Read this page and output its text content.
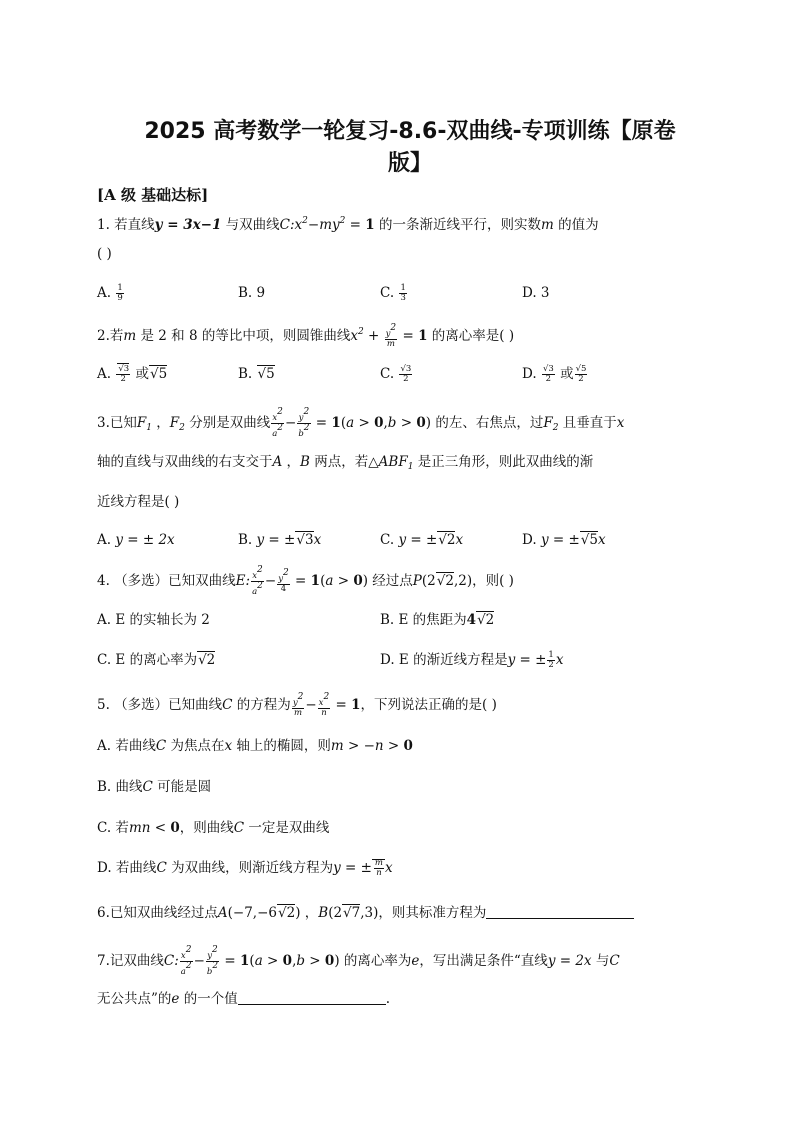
2025 高考数学一轮复习-8.6-双曲线-专项训练【原卷版】
[A 级 基础达标]
1. 若直线y = 3x−1 与双曲线$C:x^2-my^2 = 1$ 的一条渐近线平行，则实数m 的值为
( )
A. $\frac{1}{9}$	B. 9	C. $\frac{1}{3}$	D. 3
2.若m 是 2 和 8 的等比中项，则圆锥曲线$x^2 + \frac{y2}{m} = 1$ 的离心率是( )
A. $\frac{√3}{2}$ 或√5	B. √5	C. $\frac{√3}{2}$	D. $\frac{√3}{2}$ 或 $\frac{√5}{2}$
3.已知$F_1$ ，$F_2$ 分别是双曲线 $\frac{x2}{a2} - \frac{y2}{b2} = 1(a > 0,b > 0)$ 的左、右焦点，过$F_2$ 且垂直于x
轴的直线与双曲线的右支交于A ，B 两点，若$\triangle ABF_1$ 是正三角形，则此双曲线的渐
近线方程是( )
A. y = ± 2x	B. y = ±√3x	C. y = ±√2x	D. y = ±√5x
4. （多选）已知双曲线E: $\frac{x2}{a2} - \frac{y2}{4} = 1(a > 0)$ 经过点P(2√2,2)，则( )
A. E 的实轴长为 2	B. E 的焦距为4√2
C. E 的离心率为√2	D. E 的渐近线方程是y = ± $\frac{1}{2}$ x
5. （多选）已知曲线C 的方程为 $\frac{y2}{m} - \frac{x2}{n} = 1$，下列说法正确的是( )
A. 若曲线C 为焦点在x 轴上的椭圆，则m > −n > 0
B. 曲线C 可能是圆
C. 若mn < 0，则曲线C 一定是双曲线
D. 若曲线C 为双曲线，则渐近线方程为y = ± $\frac{m}{n}$ x
6.已知双曲线经过点A(−7,−6√2) ，B(2√7,3)，则其标准方程为
7.记双曲线C: $\frac{x2}{a2} - \frac{y2}{b2} = 1(a > 0,b > 0)$ 的离心率为e，写出满足条件“直线y = 2x 与C
无公共点”的e 的一个值	.
